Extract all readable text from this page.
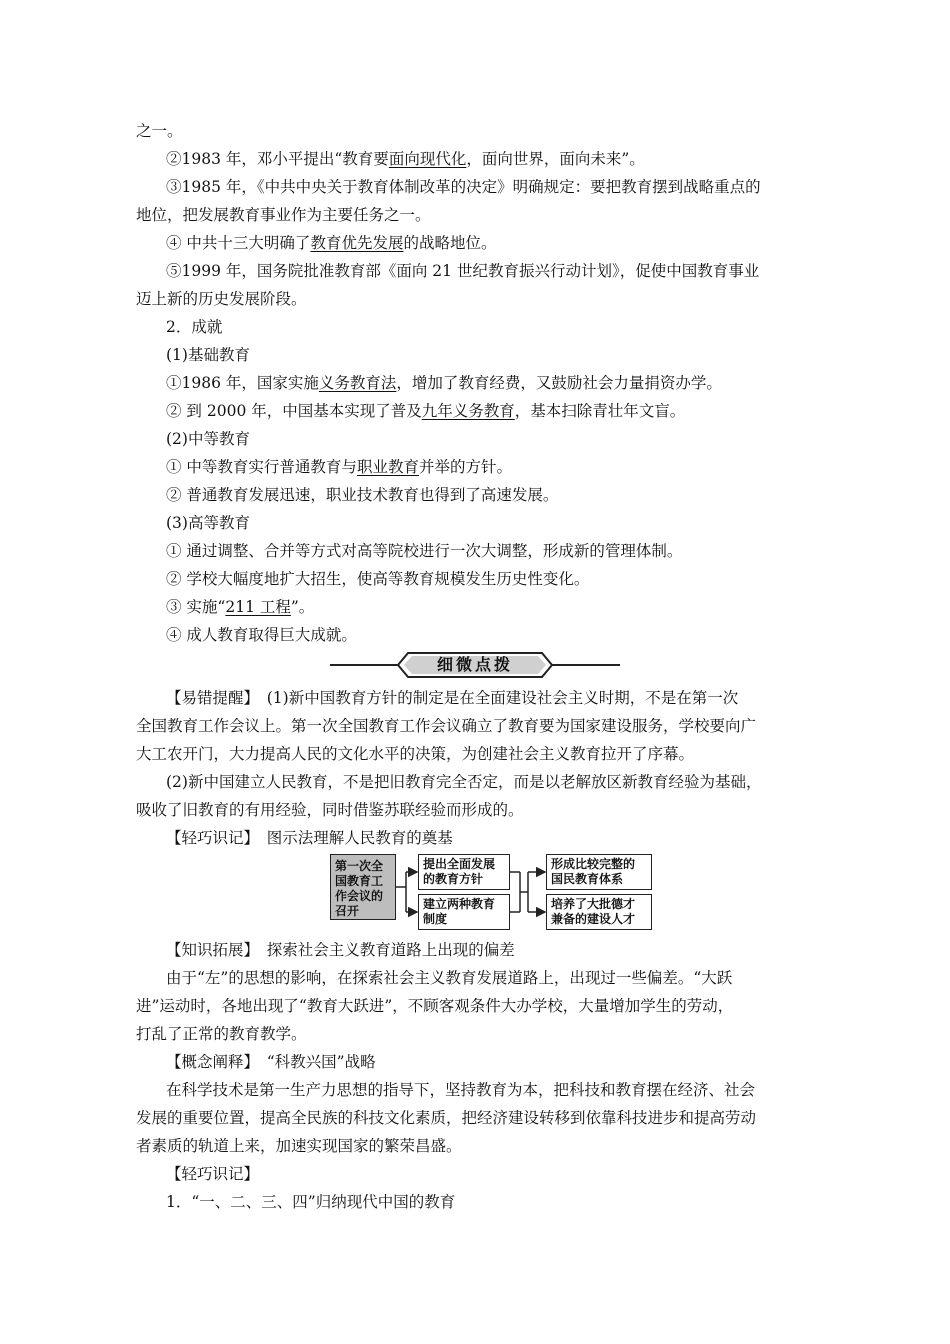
之一。
②1983 年，邓小平提出“教育要面向现代化，面向世界，面向未来”。
③1985 年，《中共中央关于教育体制改革的决定》明确规定：要把教育摆到战略重点的
地位，把发展教育事业作为主要任务之一。
④ 中共十三大明确了教育优先发展的战略地位。
⑤1999 年，国务院批准教育部《面向 21 世纪教育振兴行动计划》，促使中国教育事业
迈上新的历史发展阶段。
2．成就
(1)基础教育
①1986 年，国家实施义务教育法，增加了教育经费，又鼓励社会力量捐资办学。
② 到 2000 年，中国基本实现了普及九年义务教育，基本扫除青壮年文盲。
(2)中等教育
① 中等教育实行普通教育与职业教育并举的方针。
② 普通教育发展迅速，职业技术教育也得到了高速发展。
(3)高等教育
① 通过调整、合并等方式对高等院校进行一次大调整，形成新的管理体制。
② 学校大幅度地扩大招生，使高等教育规模发生历史性变化。
③ 实施“211 工程”。
④ 成人教育取得巨大成就。
细微点拨
【易错提醒】　(1)新中国教育方针的制定是在全面建设社会主义时期，不是在第一次
全国教育工作会议上。第一次全国教育工作会议确立了教育要为国家建设服务，学校要向广
大工农开门，大力提高人民的文化水平的决策，为创建社会主义教育拉开了序幕。
(2)新中国建立人民教育，不是把旧教育完全否定，而是以老解放区新教育经验为基础，
吸收了旧教育的有用经验，同时借鉴苏联经验而形成的。
【轻巧识记】　图示法理解人民教育的奠基
第一次全
国教育工
作会议的
召开
提出全面发展
的教育方针
建立两种教育
制度
形成比较完整的
国民教育体系
培养了大批德才
兼备的建设人才
【知识拓展】　探索社会主义教育道路上出现的偏差
由于“左”的思想的影响，在探索社会主义教育发展道路上，出现过一些偏差。“大跃
进”运动时，各地出现了“教育大跃进”，不顾客观条件大办学校，大量增加学生的劳动，
打乱了正常的教育教学。
【概念阐释】　“科教兴国”战略
在科学技术是第一生产力思想的指导下，坚持教育为本，把科技和教育摆在经济、社会
发展的重要位置，提高全民族的科技文化素质，把经济建设转移到依靠科技进步和提高劳动
者素质的轨道上来，加速实现国家的繁荣昌盛。
【轻巧识记】
1．“一、二、三、四”归纳现代中国的教育
